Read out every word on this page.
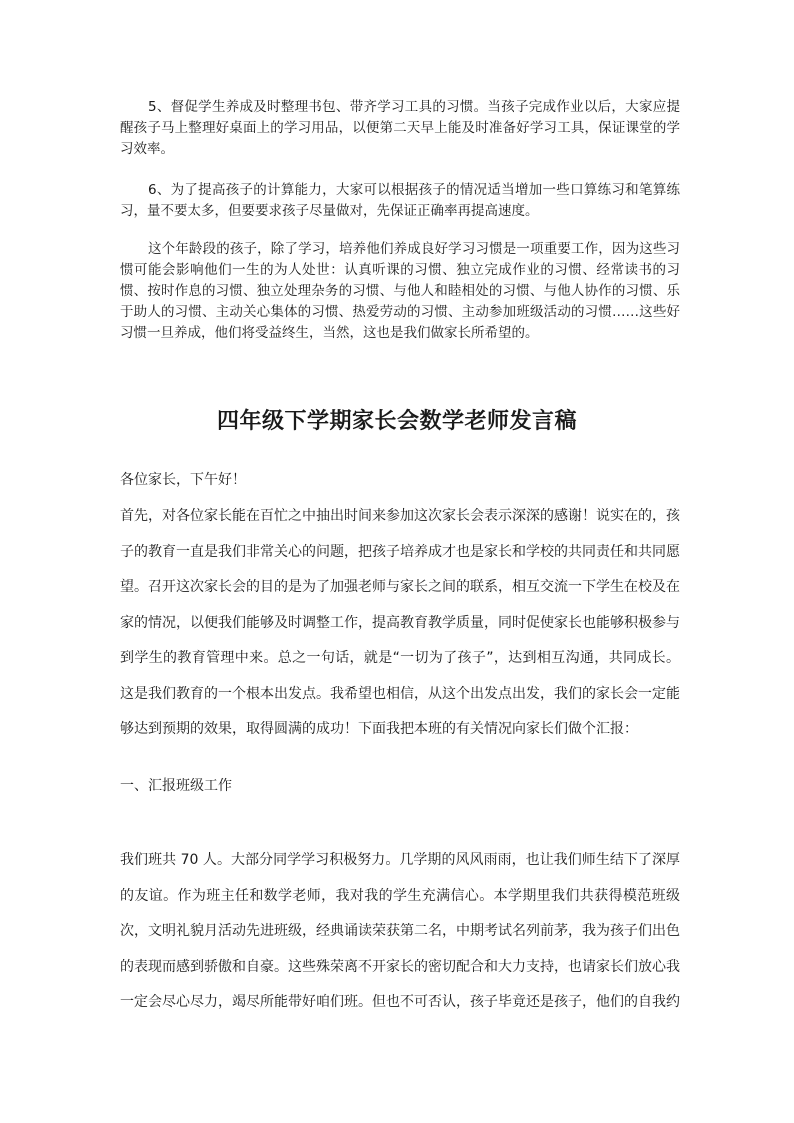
5、督促学生养成及时整理书包、带齐学习工具的习惯。当孩子完成作业以后，大家应提醒孩子马上整理好桌面上的学习用品，以便第二天早上能及时准备好学习工具，保证课堂的学习效率。

6、为了提高孩子的计算能力，大家可以根据孩子的情况适当增加一些口算练习和笔算练习，量不要太多，但要要求孩子尽量做对，先保证正确率再提高速度。

这个年龄段的孩子，除了学习，培养他们养成良好学习习惯是一项重要工作，因为这些习惯可能会影响他们一生的为人处世：认真听课的习惯、独立完成作业的习惯、经常读书的习惯、按时作息的习惯、独立处理杂务的习惯、与他人和睦相处的习惯、与他人协作的习惯、乐于助人的习惯、主动关心集体的习惯、热爱劳动的习惯、主动参加班级活动的习惯……这些好习惯一旦养成，他们将受益终生，当然，这也是我们做家长所希望的。

四年级下学期家长会数学老师发言稿
各位家长，下午好！

首先，对各位家长能在百忙之中抽出时间来参加这次家长会表示深深的感谢！说实在的，孩子的教育一直是我们非常关心的问题，把孩子培养成才也是家长和学校的共同责任和共同愿望。召开这次家长会的目的是为了加强老师与家长之间的联系，相互交流一下学生在校及在家的情况，以便我们能够及时调整工作，提高教育教学质量，同时促使家长也能够积极参与到学生的教育管理中来。总之一句话，就是“一切为了孩子”，达到相互沟通，共同成长。这是我们教育的一个根本出发点。我希望也相信，从这个出发点出发，我们的家长会一定能够达到预期的效果，取得圆满的成功！下面我把本班的有关情况向家长们做个汇报：

一、汇报班级工作

我们班共 70 人。大部分同学学习积极努力。几学期的风风雨雨，也让我们师生结下了深厚的友谊。作为班主任和数学老师，我对我的学生充满信心。本学期里我们共获得模范班级次，文明礼貌月活动先进班级，经典诵读荣获第二名，中期考试名列前茅，我为孩子们出色的表现而感到骄傲和自豪。这些殊荣离不开家长的密切配合和大力支持，也请家长们放心我一定会尽心尽力，竭尽所能带好咱们班。但也不可否认，孩子毕竟还是孩子，他们的自我约
